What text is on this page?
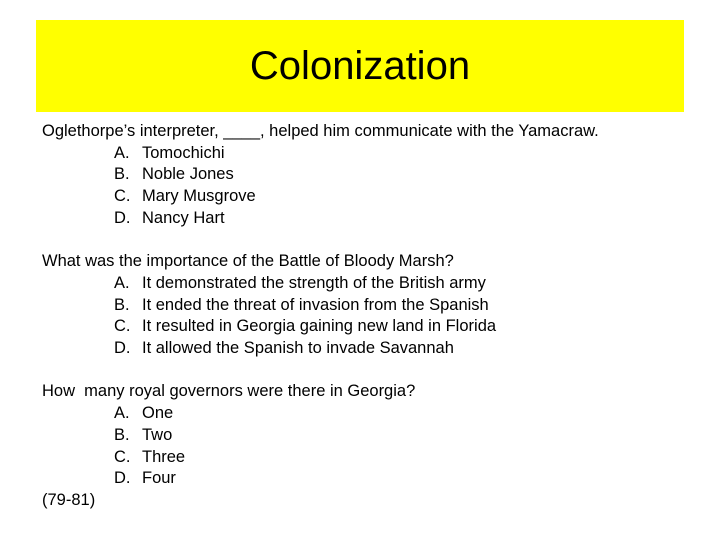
Colonization
Oglethorpe’s interpreter, ____, helped him communicate with the Yamacraw.
A. Tomochichi
B. Noble Jones
C. Mary Musgrove
D. Nancy Hart
What was the importance of the Battle of Bloody Marsh?
A. It demonstrated the strength of the British army
B. It ended the threat of invasion from the Spanish
C. It resulted in Georgia gaining new land in Florida
D. It allowed the Spanish to invade Savannah
How  many royal governors were there in Georgia?
A. One
B. Two
C. Three
D. Four
(79-81)
